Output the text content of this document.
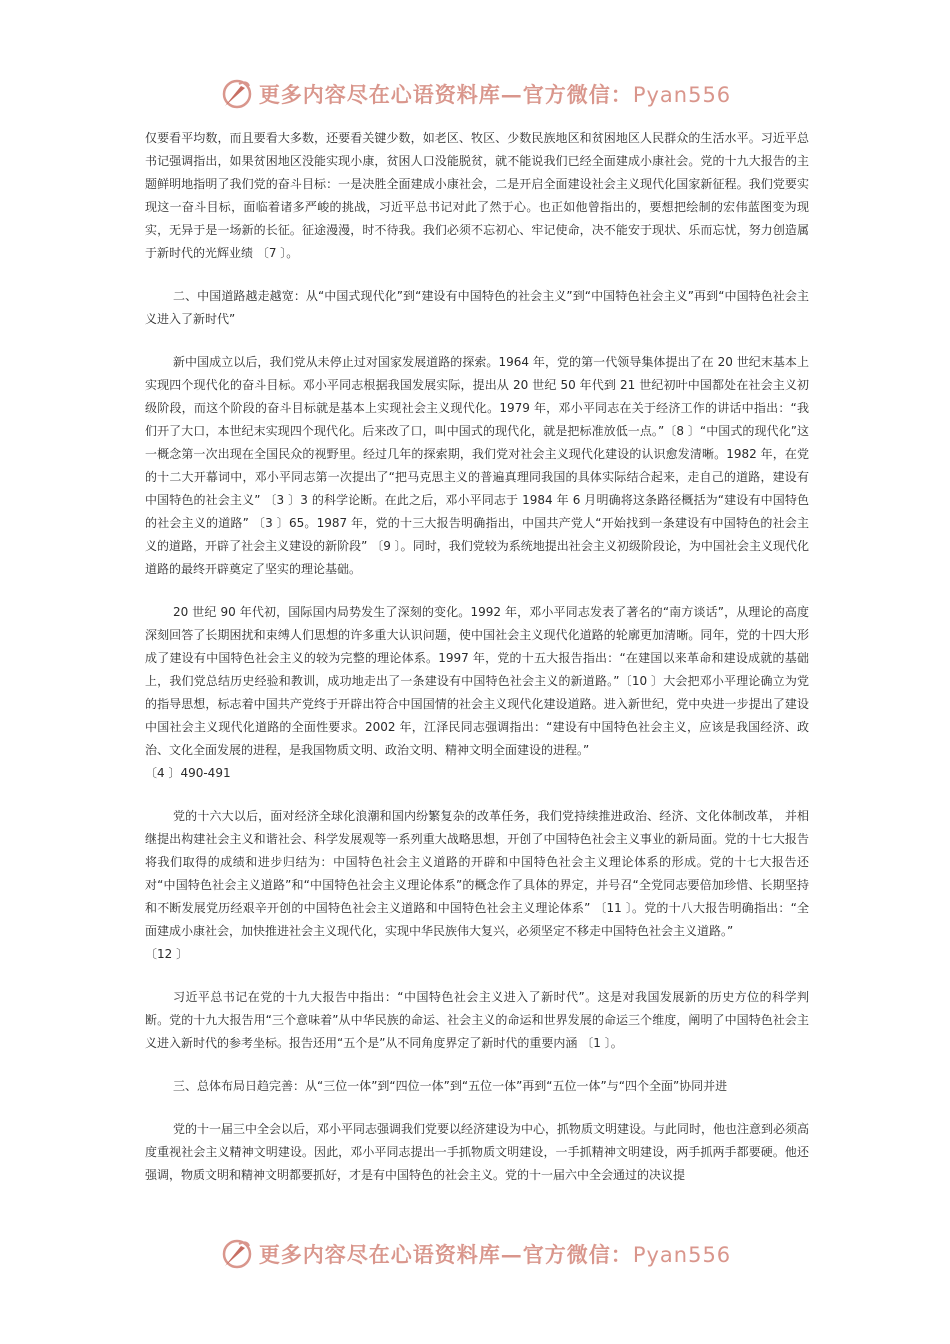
更多内容尽在心语资料库—官方微信：Pyan556

仅要看平均数，而且要看大多数，还要看关键少数，如老区、牧区、少数民族地区和贫困地区人民群众的生活水平。习近平总书记强调指出，如果贫困地区没能实现小康，贫困人口没能脱贫，就不能说我们已经全面建成小康社会。党的十九大报告的主题鲜明地指明了我们党的奋斗目标：一是决胜全面建成小康社会，二是开启全面建设社会主义现代化国家新征程。我们党要实现这一奋斗目标，面临着诸多严峻的挑战，习近平总书记对此了然于心。也正如他曾指出的，要想把绘制的宏伟蓝图变为现实，无异于是一场新的长征。征途漫漫，时不待我。我们必须不忘初心、牢记使命，决不能安于现状、乐而忘忧，努力创造属于新时代的光辉业绩 〔7 〕。

二、中国道路越走越宽：从“中国式现代化”到“建设有中国特色的社会主义”到“中国特色社会主义”再到“中国特色社会主义进入了新时代”

新中国成立以后，我们党从未停止过对国家发展道路的探索。1964 年，党的第一代领导集体提出了在 20 世纪末基本上实现四个现代化的奋斗目标。邓小平同志根据我国发展实际，提出从 20 世纪 50 年代到 21 世纪初叶中国都处在社会主义初级阶段，而这个阶段的奋斗目标就是基本上实现社会主义现代化。1979 年，邓小平同志在关于经济工作的讲话中指出：“我们开了大口，本世纪末实现四个现代化。后来改了口，叫中国式的现代化，就是把标准放低一点。”〔8 〕“中国式的现代化”这一概念第一次出现在全国民众的视野里。经过几年的探索期，我们党对社会主义现代化建设的认识愈发清晰。1982 年，在党的十二大开幕词中，邓小平同志第一次提出了“把马克思主义的普遍真理同我国的具体实际结合起来，走自己的道路，建设有中国特色的社会主义” 〔3 〕3 的科学论断。在此之后，邓小平同志于 1984 年 6 月明确将这条路径概括为“建设有中国特色的社会主义的道路” 〔3 〕65。1987 年，党的十三大报告明确指出，中国共产党人“开始找到一条建设有中国特色的社会主义的道路，开辟了社会主义建设的新阶段” 〔9 〕。同时，我们党较为系统地提出社会主义初级阶段论，为中国社会主义现代化道路的最终开辟奠定了坚实的理论基础。

20 世纪 90 年代初，国际国内局势发生了深刻的变化。1992 年，邓小平同志发表了著名的“南方谈话”，从理论的高度深刻回答了长期困扰和束缚人们思想的许多重大认识问题，使中国社会主义现代化道路的轮廓更加清晰。同年，党的十四大形成了建设有中国特色社会主义的较为完整的理论体系。1997 年，党的十五大报告指出：“在建国以来革命和建设成就的基础上，我们党总结历史经验和教训，成功地走出了一条建设有中国特色社会主义的新道路。”〔10 〕大会把邓小平理论确立为党的指导思想，标志着中国共产党终于开辟出符合中国国情的社会主义现代化建设道路。进入新世纪，党中央进一步提出了建设中国社会主义现代化道路的全面性要求。2002 年，江泽民同志强调指出：“建设有中国特色社会主义，应该是我国经济、政治、文化全面发展的进程，是我国物质文明、政治文明、精神文明全面建设的进程。”

〔4 〕490-491

党的十六大以后，面对经济全球化浪潮和国内纷繁复杂的改革任务，我们党持续推进政治、经济、文化体制改革， 并相继提出构建社会主义和谐社会、科学发展观等一系列重大战略思想，开创了中国特色社会主义事业的新局面。党的十七大报告将我们取得的成绩和进步归结为：中国特色社会主义道路的开辟和中国特色社会主义理论体系的形成。党的十七大报告还对“中国特色社会主义道路”和“中国特色社会主义理论体系”的概念作了具体的界定，并号召“全党同志要倍加珍惜、长期坚持和不断发展党历经艰辛开创的中国特色社会主义道路和中国特色社会主义理论体系” 〔11 〕。党的十八大报告明确指出：“全面建成小康社会，加快推进社会主义现代化，实现中华民族伟大复兴，必须坚定不移走中国特色社会主义道路。”

〔12 〕

习近平总书记在党的十九大报告中指出：“中国特色社会主义进入了新时代”。这是对我国发展新的历史方位的科学判断。党的十九大报告用“三个意味着”从中华民族的命运、社会主义的命运和世界发展的命运三个维度，阐明了中国特色社会主义进入新时代的参考坐标。报告还用“五个是”从不同角度界定了新时代的重要内涵 〔1 〕。

三、总体布局日趋完善：从“三位一体”到“四位一体”到“五位一体”再到“五位一体”与“四个全面”协同并进

党的十一届三中全会以后，邓小平同志强调我们党要以经济建设为中心，抓物质文明建设。与此同时，他也注意到必须高度重视社会主义精神文明建设。因此，邓小平同志提出一手抓物质文明建设，一手抓精神文明建设，两手抓两手都要硬。他还强调，物质文明和精神文明都要抓好，才是有中国特色的社会主义。党的十一届六中全会通过的决议提

更多内容尽在心语资料库—官方微信：Pyan556
